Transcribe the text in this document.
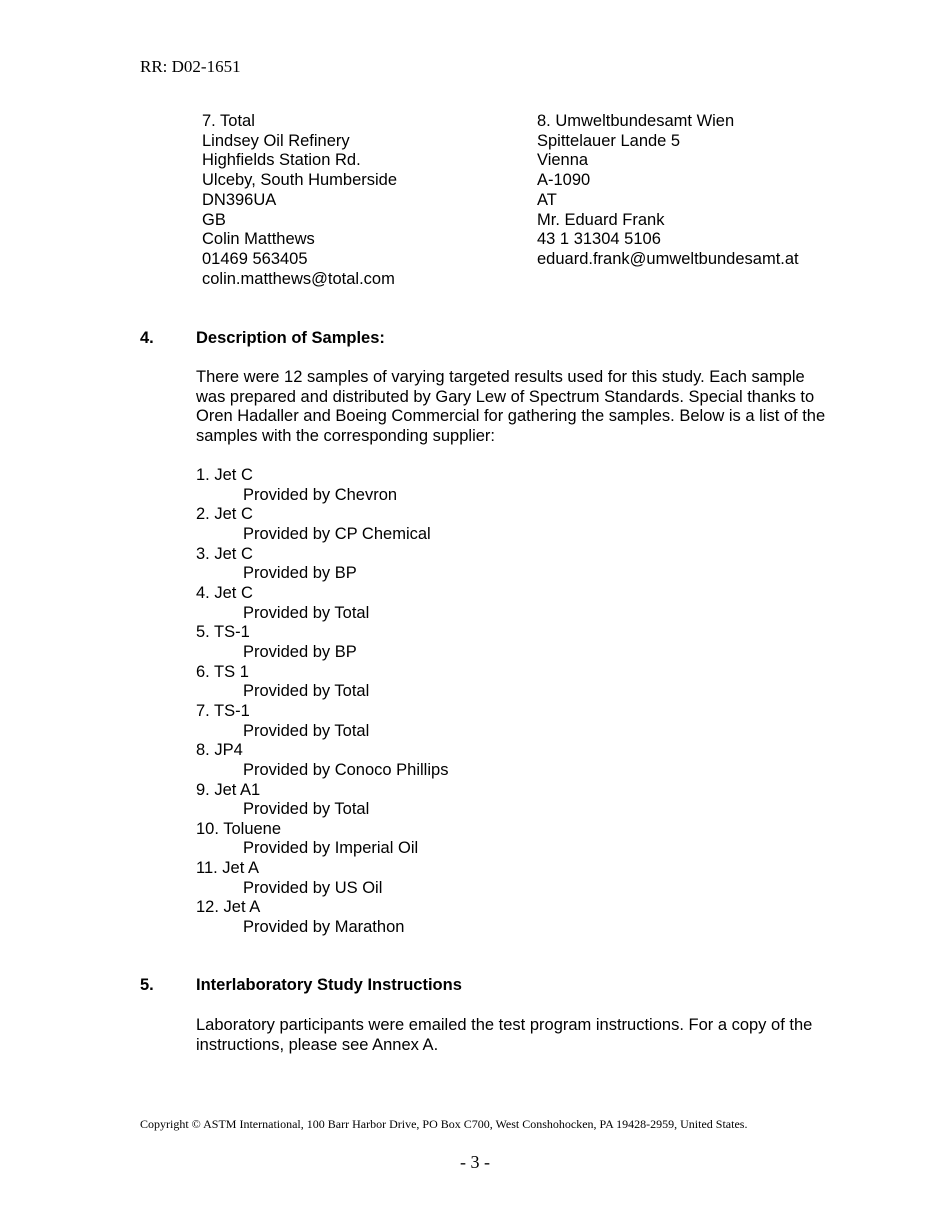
RR: D02-1651
7. Total
Lindsey Oil Refinery
Highfields Station Rd.
Ulceby, South Humberside
DN396UA
GB
Colin Matthews
01469 563405
colin.matthews@total.com
8. Umweltbundesamt Wien
Spittelauer Lande 5
Vienna
A-1090
AT
Mr. Eduard Frank
43 1 31304 5106
eduard.frank@umweltbundesamt.at
4.	Description of Samples:
There were 12 samples of varying targeted results used for this study. Each sample was prepared and distributed by Gary Lew of Spectrum Standards. Special thanks to Oren Hadaller and Boeing Commercial for gathering the samples. Below is a list of the samples with the corresponding supplier:
1. Jet C
Provided by Chevron
2. Jet C
Provided by CP Chemical
3. Jet C
Provided by BP
4. Jet C
Provided by Total
5. TS-1
Provided by BP
6. TS 1
Provided by Total
7. TS-1
Provided by Total
8. JP4
Provided by Conoco Phillips
9. Jet A1
Provided by Total
10. Toluene
Provided by Imperial Oil
11. Jet A
Provided by US Oil
12. Jet A
Provided by Marathon
5.	Interlaboratory Study Instructions
Laboratory participants were emailed the test program instructions. For a copy of the instructions, please see Annex A.
Copyright © ASTM International, 100 Barr Harbor Drive, PO Box C700, West Conshohocken, PA 19428-2959, United States.
- 3 -
